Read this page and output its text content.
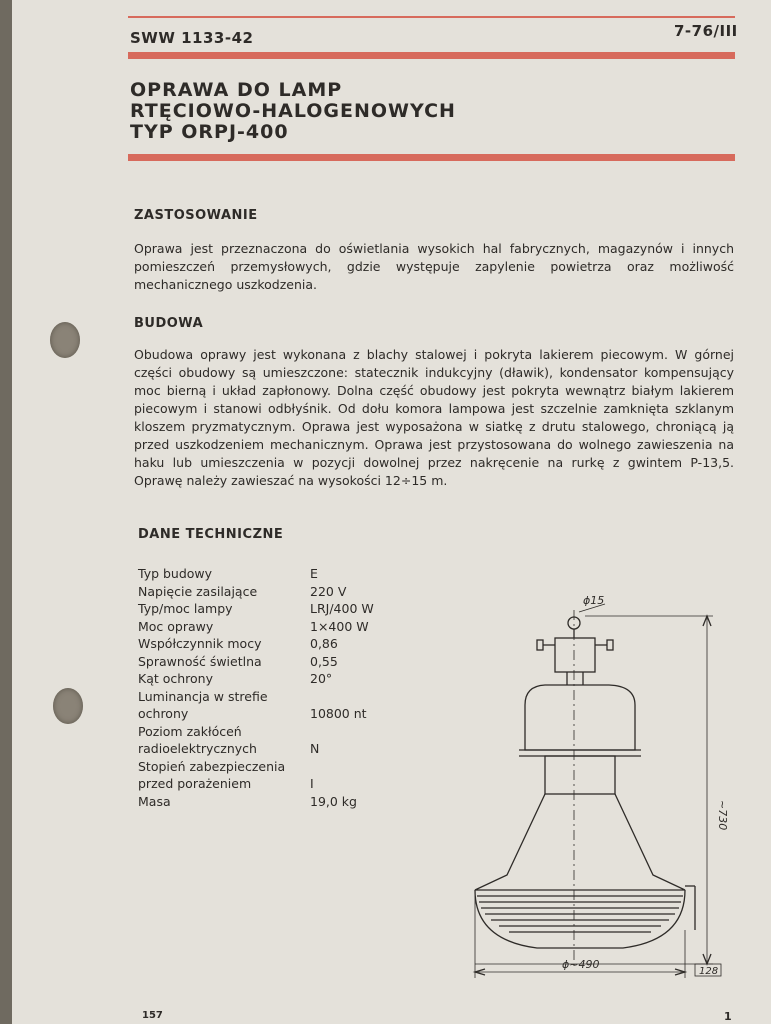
SWW 1133-42	7-76/III
OPRAWA DO LAMP
RTĘCIOWO-HALOGENOWYCH
TYP ORPJ-400
ZASTOSOWANIE
Oprawa jest przeznaczona do oświetlania wysokich hal fabrycznych, magazynów i innych pomieszczeń przemysłowych, gdzie występuje zapylenie powietrza oraz możliwość mechanicznego uszkodzenia.
BUDOWA
Obudowa oprawy jest wykonana z blachy stalowej i pokryta lakierem piecowym. W górnej części obudowy są umieszczone: statecznik indukcyjny (dławik), kondensator kompensujący moc bierną i układ zapłonowy. Dolna część obudowy jest pokryta wewnątrz białym lakierem piecowym i stanowi odbłyśnik. Od dołu komora lampowa jest szczelnie zamknięta szklanym kloszem pryzmatycznym. Oprawa jest wyposażona w siatkę z drutu stalowego, chroniącą ją przed uszkodzeniem mechanicznym. Oprawa jest przystosowana do wolnego zawieszenia na haku lub umieszczenia w pozycji dowolnej przez nakręcenie na rurkę z gwintem P-13,5. Oprawę należy zawieszać na wysokości 12÷15 m.
DANE TECHNICZNE
Typ budowy	E
Napięcie zasilające	220 V
Typ/moc lampy	LRJ/400 W
Moc oprawy	1×400 W
Współczynnik mocy	0,86
Sprawność świetlna	0,55
Kąt ochrony	20°
Luminancja w strefie
ochrony	10800 nt
Poziom zakłóceń
radioelektrycznych	N
Stopień zabezpieczenia
przed porażeniem	I
Masa	19,0 kg
ϕ15
ϕ~490
128
~730
157	1
